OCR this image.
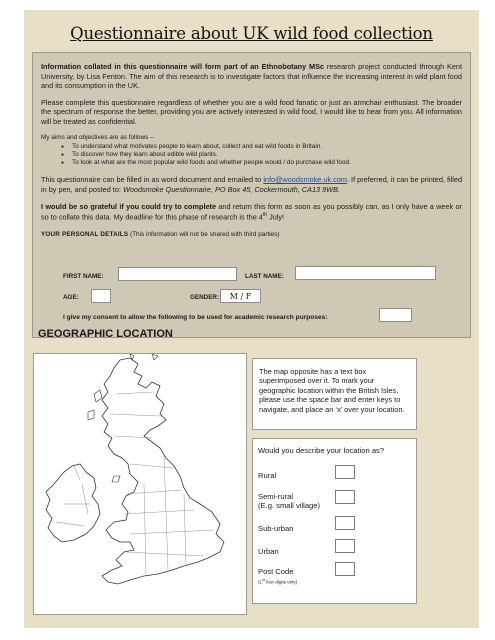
Questionnaire about UK wild food collection

Information collated in this questionnaire will form part of an Ethnobotany MSc research project conducted through Kent University, by Lisa Fenton. The aim of this research is to investigate factors that influence the increasing interest in wild plant food and its consumption in the UK.

Please complete this questionnaire regardless of whether you are a wild food fanatic or just an armchair enthusiast. The broader the spectrum of response the better, providing you are actively interested in wild food, I would like to hear from you. All information will be treated as confidential.

My aims and objectives are as follows –

● To understand what motivates people to learn about, collect and eat wild foods in Britain.
● To discover how they learn about edible wild plants.
● To look at what are the most popular wild foods and whether people would / do purchase wild food.

This questionnaire can be filled in as word document and emailed to info@woodsmoke.uk.com. If preferred, it can be printed, filled in by pen, and posted to: Woodsmoke Questionnaire, PO Box 45, Cockermouth, CA13 9WB.

I would be so grateful if you could try to complete and return this form as soon as you possibly can, as I only have a week or so to collate this data. My deadline for this phase of research is the 4th July!

YOUR PERSONAL DETAILS (This information will not be shared with third parties)

FIRST NAME:	LAST NAME:
AGE:	GENDER:	M / F
I give my consent to allow the following to be used for academic research purposes:
GEOGRAPHIC LOCATION
The map opposite has a text box superimposed over it. To mark your geographic location within the British Isles, please use the space bar and enter keys to navigate, and place an ‘x’ over your location.
Would you describe your location as?
Rural
Semi-rural
(E.g. small village)
Sub-urban
Urban
Post Code
(1st four digits only)
